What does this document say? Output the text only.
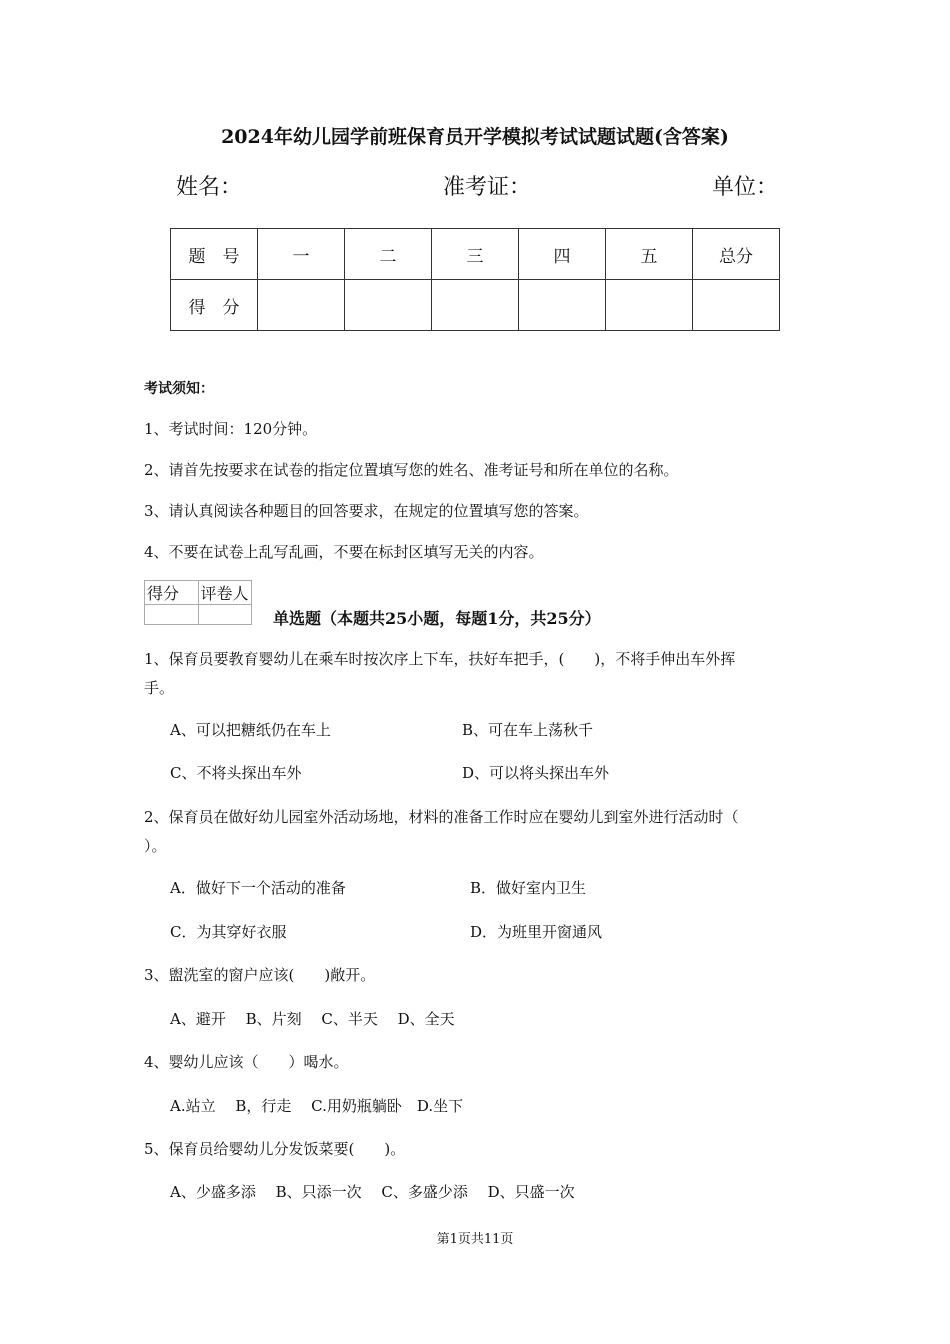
2024年幼儿园学前班保育员开学模拟考试试题试题(含答案)
姓名：	准考证：	单位：
题　号	一	二	三	四	五	总分
得　分						
考试须知：
1、考试时间：120分钟。
2、请首先按要求在试卷的指定位置填写您的姓名、准考证号和所在单位的名称。
3、请认真阅读各种题目的回答要求，在规定的位置填写您的答案。
4、不要在试卷上乱写乱画，不要在标封区填写无关的内容。
得分	评卷人

单选题（本题共25小题，每题1分，共25分）
1、保育员要教育婴幼儿在乘车时按次序上下车，扶好车把手，(　　)，不将手伸出车外挥
手。
A、可以把糖纸仍在车上	B、可在车上荡秋千
C、不将头探出车外	D、可以将头探出车外
2、保育员在做好幼儿园室外活动场地，材料的准备工作时应在婴幼儿到室外进行活动时（
）。
A．做好下一个活动的准备	B．做好室内卫生
C．为其穿好衣服	D．为班里开窗通风
3、盥洗室的窗户应该(　　)敞开。
A、避开　 B、片刻　 C、半天　 D、全天
4、婴幼儿应该（　　）喝水。
A.站立　 B，行走　 C.用奶瓶躺卧　D.坐下
5、保育员给婴幼儿分发饭菜要(　　)。
A、少盛多添　 B、只添一次　 C、多盛少添　 D、只盛一次
第1页共11页
